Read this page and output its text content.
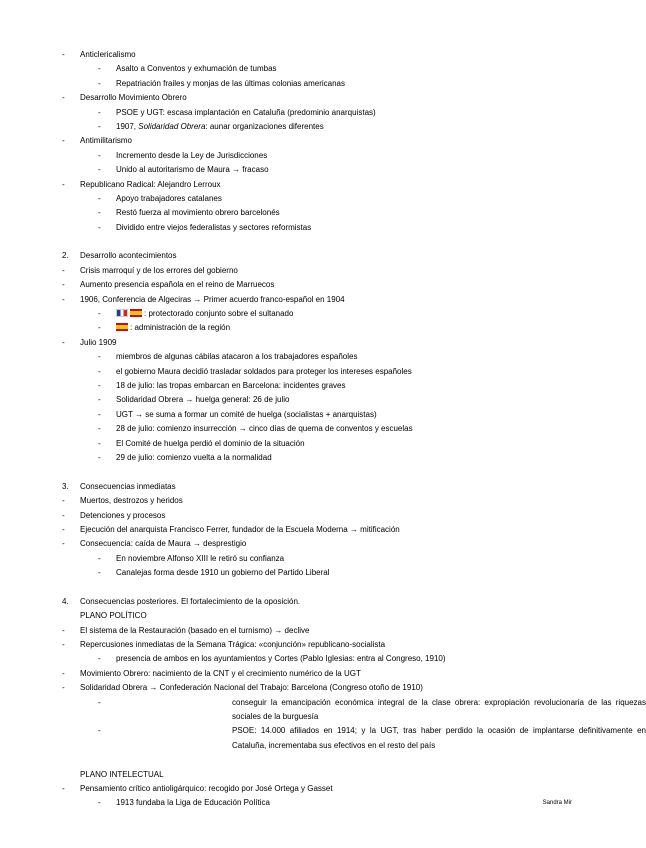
- Anticlericalismo
- Asalto a Conventos y exhumación de tumbas
- Repatriación frailes y monjas de las últimas colonias americanas
- Desarrollo Movimiento Obrero
- PSOE y UGT: escasa implantación en Cataluña (predominio anarquistas)
- 1907, Solidaridad Obrera: aunar organizaciones diferentes
- Antimilitarismo
- Incremento desde la Ley de Jurisdicciones
- Unido al autoritarismo de Maura → fracaso
- Republicano Radical: Alejandro Lerroux
- Apoyo trabajadores catalanes
- Restó fuerza al movimiento obrero barcelonés
- Dividido entre viejos federalistas y sectores reformistas
2. Desarrollo acontecimientos
- Crisis marroquí y de los errores del gobierno
- Aumento presencia española en el reino de Marruecos
- 1906, Conferencia de Algeciras → Primer acuerdo franco-español en 1904
-	: protectorado conjunto sobre el sultanado
-	: administración de la región
- Julio 1909
- miembros de algunas cábilas atacaron a los trabajadores españoles
- el gobierno Maura decidió trasladar soldados para proteger los intereses españoles
- 18 de julio: las tropas embarcan en Barcelona: incidentes graves
- Solidaridad Obrera → huelga general: 26 de julio
- UGT → se suma a formar un comité de huelga (socialistas + anarquistas)
- 28 de julio: comienzo insurrección → cinco días de quema de conventos y escuelas
- El Comité de huelga perdió el dominio de la situación
- 29 de julio: comienzo vuelta a la normalidad
3. Consecuencias inmediatas
- Muertos, destrozos y heridos
- Detenciones y procesos
- Ejecución del anarquista Francisco Ferrer, fundador de la Escuela Moderna → mitificación
- Consecuencia: caída de Maura → desprestigio
- En noviembre Alfonso XIII le retiró su confianza
- Canalejas forma desde 1910 un gobierno del Partido Liberal
4. Consecuencias posteriores. El fortalecimiento de la oposición.
PLANO POLÍTICO
- El sistema de la Restauración (basado en el turnismo) → declive
- Repercusiones inmediatas de la Semana Trágica: «conjunción» republicano-socialista
- presencia de ambos en los ayuntamientos y Cortes (Pablo Iglesias: entra al Congreso, 1910)
- Movimiento Obrero: nacimiento de la CNT y el crecimiento numérico de la UGT
- Solidaridad Obrera → Confederación Nacional del Trabajo: Barcelona (Congreso otoño de 1910)
-	conseguir la emancipación económica integral de la clase obrera: expropiación revolucionaria de las riquezas sociales de la burguesía
-	PSOE: 14.000 afiliados en 1914; y la UGT, tras haber perdido la ocasión de implantarse definitivamente en Cataluña, incrementaba sus efectivos en el resto del país
PLANO INTELECTUAL
- Pensamiento crítico antioligárquico: recogido por José Ortega y Gasset
- 1913 fundaba la Liga de Educación Política	Sandra Mir
